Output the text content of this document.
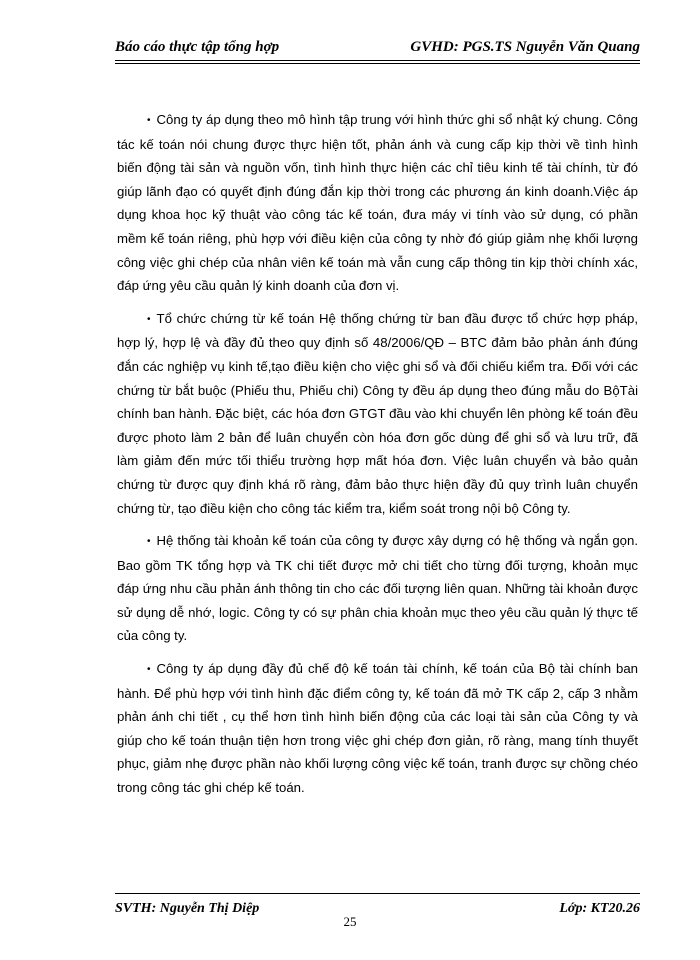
Báo cáo thực tập tổng hợp	GVHD: PGS.TS Nguyễn Văn Quang

• Công ty áp dụng theo mô hình tập trung với hình thức ghi sổ nhật ký chung. Công tác kế toán nói chung được thực hiện tốt, phản ánh và cung cấp kịp thời về tình hình biến động tài sản và nguồn vốn, tình hình thực hiện các chỉ tiêu kinh tế tài chính, từ đó giúp lãnh đạo có quyết định đúng đắn kịp thời trong các phương án kinh doanh.Việc áp dụng khoa học kỹ thuật vào công tác kế toán, đưa máy vi tính vào sử dụng, có phần mềm kế toán riêng, phù hợp với điều kiện của công ty nhờ đó giúp giảm nhẹ khối lượng công việc ghi chép của nhân viên kế toán mà vẫn cung cấp thông tin kịp thời chính xác, đáp ứng yêu cầu quản lý kinh doanh của đơn vị.

• Tổ chức chứng từ kế toán Hệ thống chứng từ ban đầu được tổ chức hợp pháp, hợp lý, hợp lệ và đầy đủ theo quy định số 48/2006/QĐ – BTC đảm bảo phản ánh đúng đắn các nghiệp vụ kinh tế,tạo điều kiện cho việc ghi sổ và đối chiếu kiểm tra. Đối với các chứng từ bắt buộc (Phiếu thu, Phiếu chi) Công ty đều áp dụng theo đúng mẫu do BộTài chính ban hành. Đặc biệt, các hóa đơn GTGT đầu vào khi chuyển lên phòng kế toán đều được photo làm 2 bản để luân chuyển còn hóa đơn gốc dùng để ghi sổ và lưu trữ, đã làm giảm đến mức tối thiểu trường hợp mất hóa đơn. Việc luân chuyển và bảo quản chứng từ được quy định khá rõ ràng, đảm bảo thực hiện đầy đủ quy trình luân chuyển chứng từ, tạo điều kiện cho công tác kiểm tra, kiểm soát trong nội bộ Công ty.

• Hệ thống tài khoản kế toán của công ty được xây dựng có hệ thống và ngắn gọn. Bao gồm TK tổng hợp và TK chi tiết được mở chi tiết cho từng đối tượng, khoản mục đáp ứng nhu cầu phản ánh thông tin cho các đối tượng liên quan. Những tài khoản được sử dụng dễ nhớ, logic. Công ty có sự phân chia khoản mục theo yêu cầu quản lý thực tế của công ty.

• Công ty áp dụng đầy đủ chế độ kế toán tài chính, kế toán của Bộ tài chính ban hành. Để phù hợp với tình hình đặc điểm công ty, kế toán đã mở TK cấp 2, cấp 3 nhằm phản ánh chi tiết , cụ thể hơn tình hình biến động của các loại tài sản của Công ty và giúp cho kế toán thuận tiện hơn trong việc ghi chép đơn giản, rõ ràng, mang tính thuyết phục, giảm nhẹ được phần nào khối lượng công việc kế toán, tranh được sự chồng chéo trong công tác ghi chép kế toán.

SVTH: Nguyễn Thị Diệp	Lớp: KT20.26
25
